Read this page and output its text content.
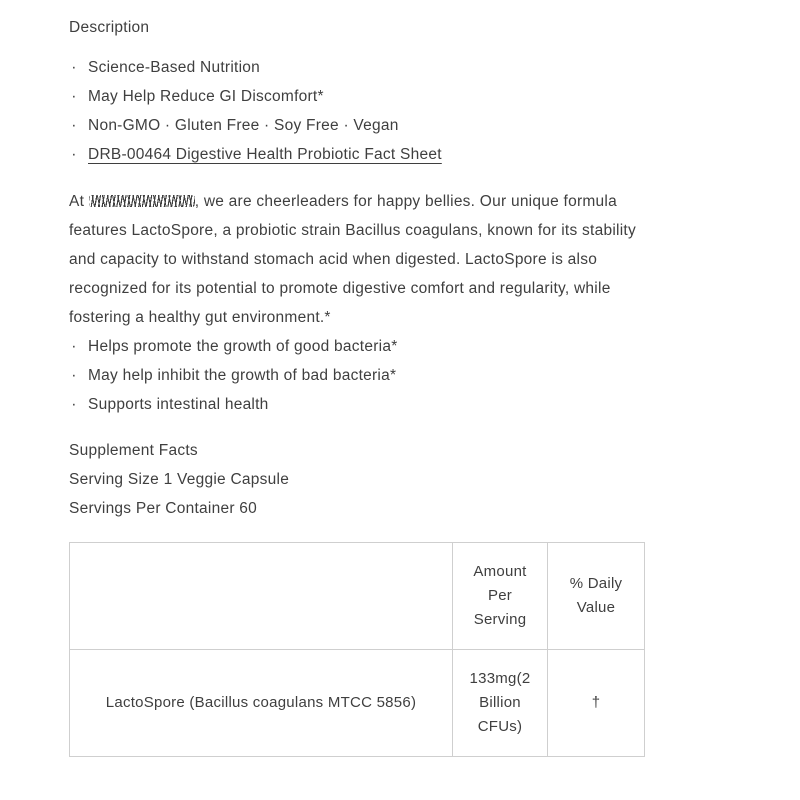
Description
· Science-Based Nutrition
· May Help Reduce GI Discomfort*
· Non-GMO · Gluten Free · Soy Free · Vegan
· DRB-00464 Digestive Health Probiotic Fact Sheet

At	, we are cheerleaders for happy bellies. Our unique formula features LactoSpore, a probiotic strain Bacillus coagulans, known for its stability and capacity to withstand stomach acid when digested. LactoSpore is also recognized for its potential to promote digestive comfort and regularity, while fostering a healthy gut environment.*

· Helps promote the growth of good bacteria*
· May help inhibit the growth of bad bacteria*
· Supports intestinal health
Supplement Facts
Serving Size 1 Veggie Capsule
Servings Per Container 60
	Amount Per Serving	% Daily Value
LactoSpore (Bacillus coagulans MTCC 5856)	133mg(2 Billion CFUs)	†
